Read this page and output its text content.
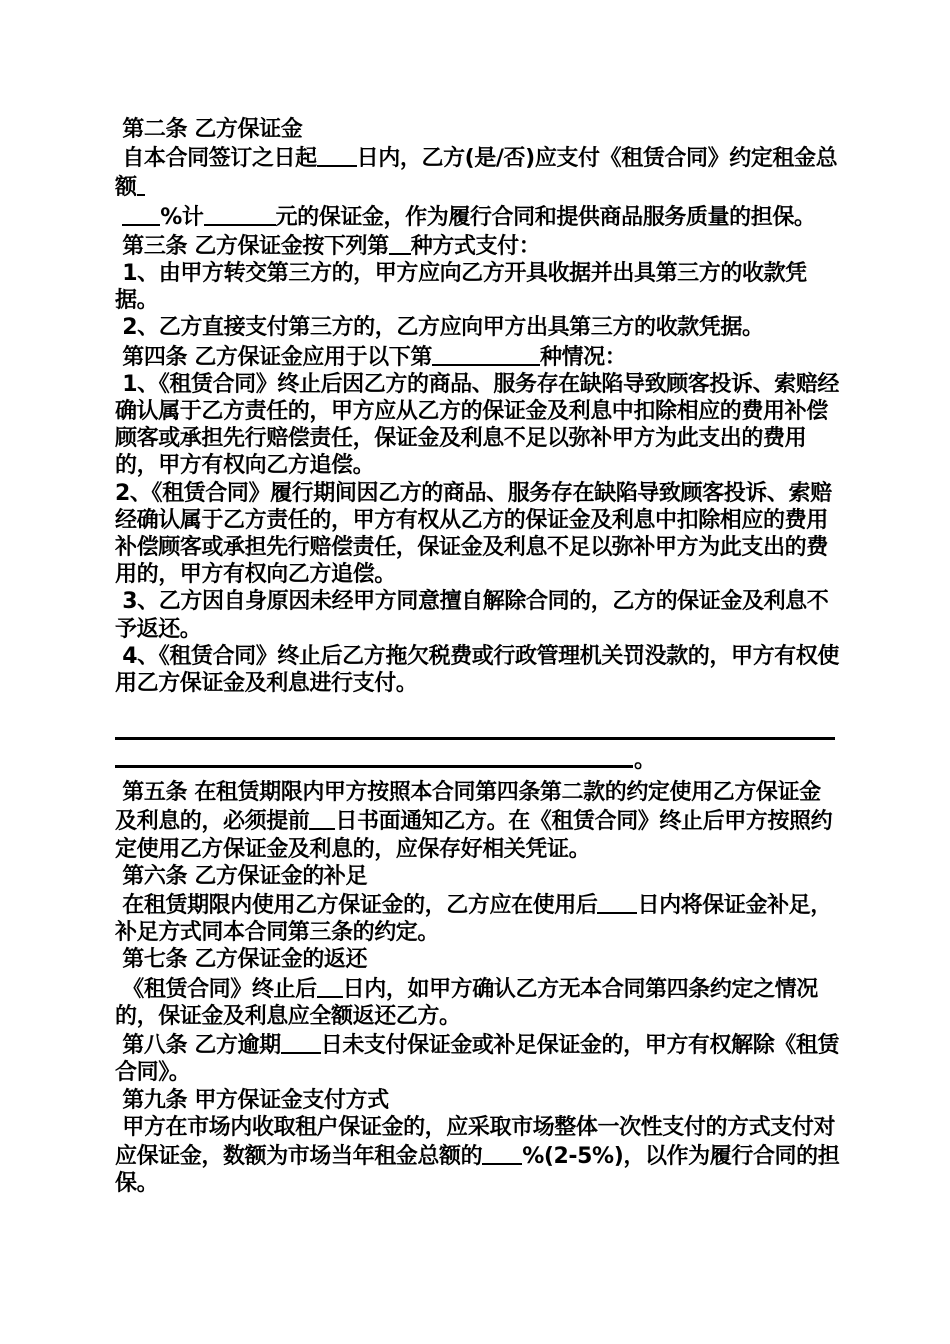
第二条 乙方保证金

自本合同签订之日起 日内，乙方(是/否)应支付《租赁合同》约定租金总额

%计	元的保证金，作为履行合同和提供商品服务质量的担保。

第三条 乙方保证金按下列第 种方式支付：

1、由甲方转交第三方的，甲方应向乙方开具收据并出具第三方的收款凭据。

2、乙方直接支付第三方的，乙方应向甲方出具第三方的收款凭据。

第四条 乙方保证金应用于以下第	种情况：

1、《租赁合同》终止后因乙方的商品、服务存在缺陷导致顾客投诉、索赔经确认属于乙方责任的，甲方应从乙方的保证金及利息中扣除相应的费用补偿顾客或承担先行赔偿责任，保证金及利息不足以弥补甲方为此支出的费用的，甲方有权向乙方追偿。

2、《租赁合同》履行期间因乙方的商品、服务存在缺陷导致顾客投诉、索赔经确认属于乙方责任的，甲方有权从乙方的保证金及利息中扣除相应的费用补偿顾客或承担先行赔偿责任，保证金及利息不足以弥补甲方为此支出的费用的，甲方有权向乙方追偿。

3、乙方因自身原因未经甲方同意擅自解除合同的，乙方的保证金及利息不予返还。

4、《租赁合同》终止后乙方拖欠税费或行政管理机关罚没款的，甲方有权使用乙方保证金及利息进行支付。

。

第五条 在租赁期限内甲方按照本合同第四条第二款的约定使用乙方保证金及利息的，必须提前 日书面通知乙方。在《租赁合同》终止后甲方按照约定使用乙方保证金及利息的，应保存好相关凭证。

第六条 乙方保证金的补足

在租赁期限内使用乙方保证金的，乙方应在使用后 日内将保证金补足，补足方式同本合同第三条的约定。

第七条 乙方保证金的返还

《租赁合同》终止后 日内，如甲方确认乙方无本合同第四条约定之情况的，保证金及利息应全额返还乙方。

第八条 乙方逾期 日未支付保证金或补足保证金的，甲方有权解除《租赁合同》。

第九条 甲方保证金支付方式

甲方在市场内收取租户保证金的，应采取市场整体一次性支付的方式支付对应保证金，数额为市场当年租金总额的 %(2-5%)，以作为履行合同的担保。
